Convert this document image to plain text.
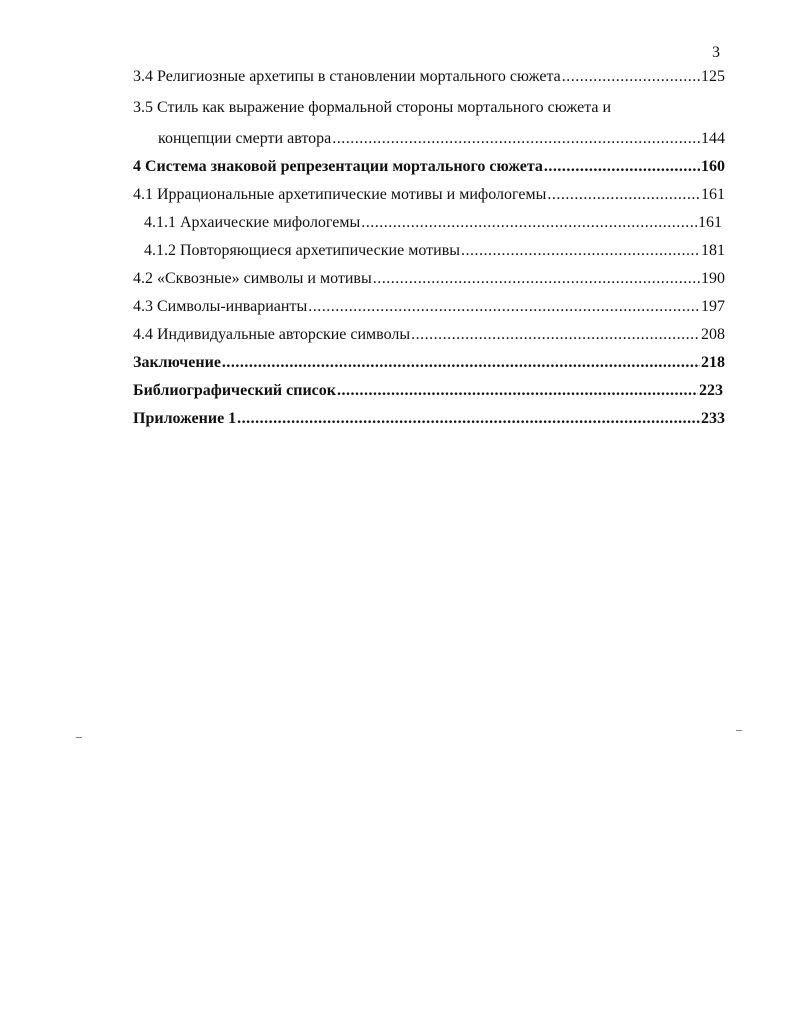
3
3.4 Религиозные архетипы в становлении мортального сюжета .....	125
3.5 Стиль как выражение формальной стороны мортального сюжета и
концепции смерти автора .....	144
4 Система знаковой репрезентации мортального сюжета .....	160
4.1 Иррациональные архетипические мотивы и мифологемы .....	161
4.1.1 Архаические мифологемы .....	161
4.1.2 Повторяющиеся архетипические мотивы .....	181
4.2 «Сквозные» символы и мотивы .....	190
4.3 Символы-инварианты .....	197
4.4 Индивидуальные авторские символы .....	208
Заключение .....	218
Библиографический список .....	223
Приложение 1 .....	233
